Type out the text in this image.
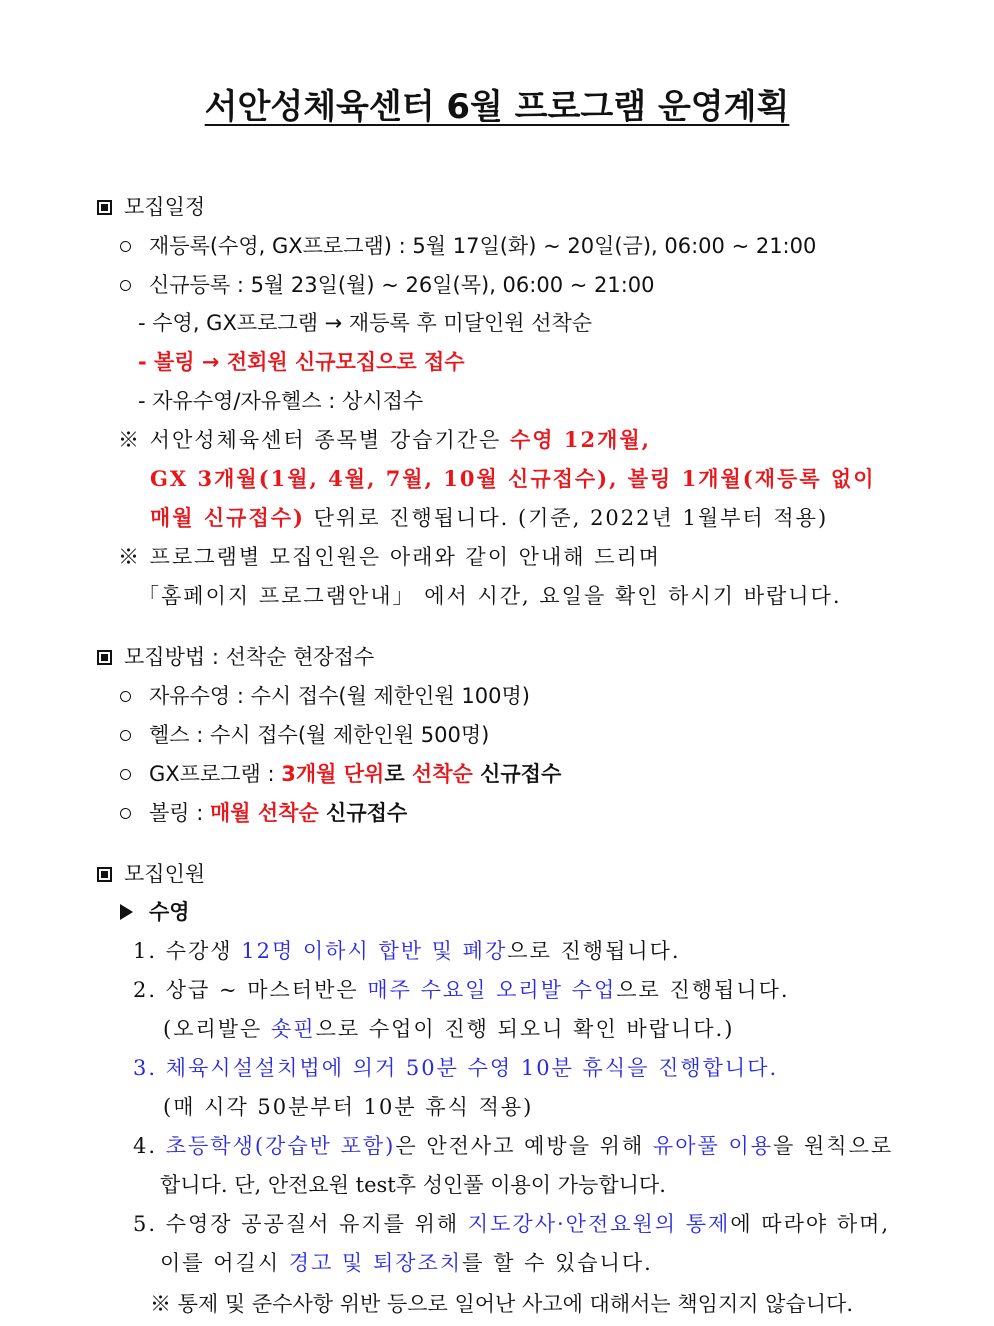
서안성체육센터 6월 프로그램 운영계획
모집일정
재등록(수영, GX프로그램) : 5월 17일(화) ~ 20일(금), 06:00 ~ 21:00
신규등록 : 5월 23일(월) ~ 26일(목), 06:00 ~ 21:00
- 수영, GX프로그램 → 재등록 후 미달인원 선착순
- 볼링 → 전회원 신규모집으로 접수
- 자유수영/자유헬스 : 상시접수
※ 서안성체육센터 종목별 강습기간은 수영 12개월,
GX 3개월(1월, 4월, 7월, 10월 신규접수), 볼링 1개월(재등록 없이
매월 신규접수) 단위로 진행됩니다. (기준, 2022년 1월부터 적용)
※ 프로그램별 모집인원은 아래와 같이 안내해 드리며
「홈페이지 프로그램안내」 에서 시간, 요일을 확인 하시기 바랍니다.
모집방법 : 선착순 현장접수
자유수영 : 수시 접수(월 제한인원 100명)
헬스 : 수시 접수(월 제한인원 500명)
GX프로그램 : 3개월 단위로 선착순 신규접수
볼링 : 매월 선착순 신규접수
모집인원
수영
1. 수강생 12명 이하시 합반 및 폐강으로 진행됩니다.
2. 상급 ~ 마스터반은 매주 수요일 오리발 수업으로 진행됩니다.
(오리발은 숏핀으로 수업이 진행 되오니 확인 바랍니다.)
3. 체육시설설치법에 의거 50분 수영 10분 휴식을 진행합니다.
(매 시각 50분부터 10분 휴식 적용)
4. 초등학생(강습반 포함)은 안전사고 예방을 위해 유아풀 이용을 원칙으로
합니다. 단, 안전요원 test후 성인풀 이용이 가능합니다.
5. 수영장 공공질서 유지를 위해 지도강사·안전요원의 통제에 따라야 하며,
이를 어길시 경고 및 퇴장조치를 할 수 있습니다.
※ 통제 및 준수사항 위반 등으로 일어난 사고에 대해서는 책임지지 않습니다.
